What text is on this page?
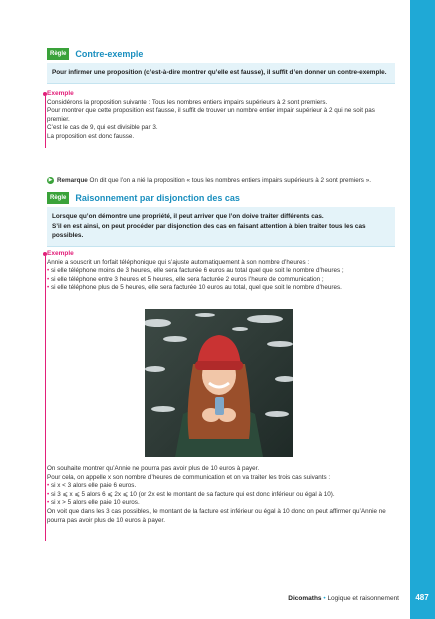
Règle	Contre-exemple
Pour infirmer une proposition (c’est-à-dire montrer qu’elle est fausse), il suffit d’en donner un contre-exemple.
Exemple

Considérons la proposition suivante : Tous les nombres entiers impairs supérieurs à 2 sont premiers.

Pour montrer que cette proposition est fausse, il suffit de trouver un nombre entier impair supérieur à 2 qui ne soit pas premier.

C’est le cas de 9, qui est divisible par 3.

La proposition est donc fausse.

▶ Remarque On dit que l’on a nié la proposition « tous les nombres entiers impairs supérieurs à 2 sont premiers ».
Règle	Raisonnement par disjonction des cas
Lorsque qu’on démontre une propriété, il peut arriver que l’on doive traiter différents cas.
S’il en est ainsi, on peut procéder par disjonction des cas en faisant attention à bien traiter tous les cas possibles.
Exemple

Annie a souscrit un forfait téléphonique qui s’ajuste automatiquement à son nombre d’heures :

• si elle téléphone moins de 3 heures, elle sera facturée 6 euros au total quel que soit le nombre d’heures ;

• si elle téléphone entre 3 heures et 5 heures, elle sera facturée 2 euros l’heure de communication ;

• si elle téléphone plus de 5 heures, elle sera facturée 10 euros au total, quel que soit le nombre d’heures.

On souhaite montrer qu’Annie ne pourra pas avoir plus de 10 euros à payer.

Pour cela, on appelle x son nombre d’heures de communication et on va traiter les trois cas suivants :

• si x < 3 alors elle paie 6 euros.

• si 3 ⩽ x ⩽ 5 alors 6 ⩽ 2x ⩽ 10 (or 2x est le montant de sa facture qui est donc inférieur ou égal à 10).

• si x > 5 alors elle paie 10 euros.

On voit que dans les 3 cas possibles, le montant de la facture est inférieur ou égal à 10 donc on peut affirmer qu’Annie ne pourra pas avoir plus de 10 euros à payer.

Dicomaths • Logique et raisonnement	487
